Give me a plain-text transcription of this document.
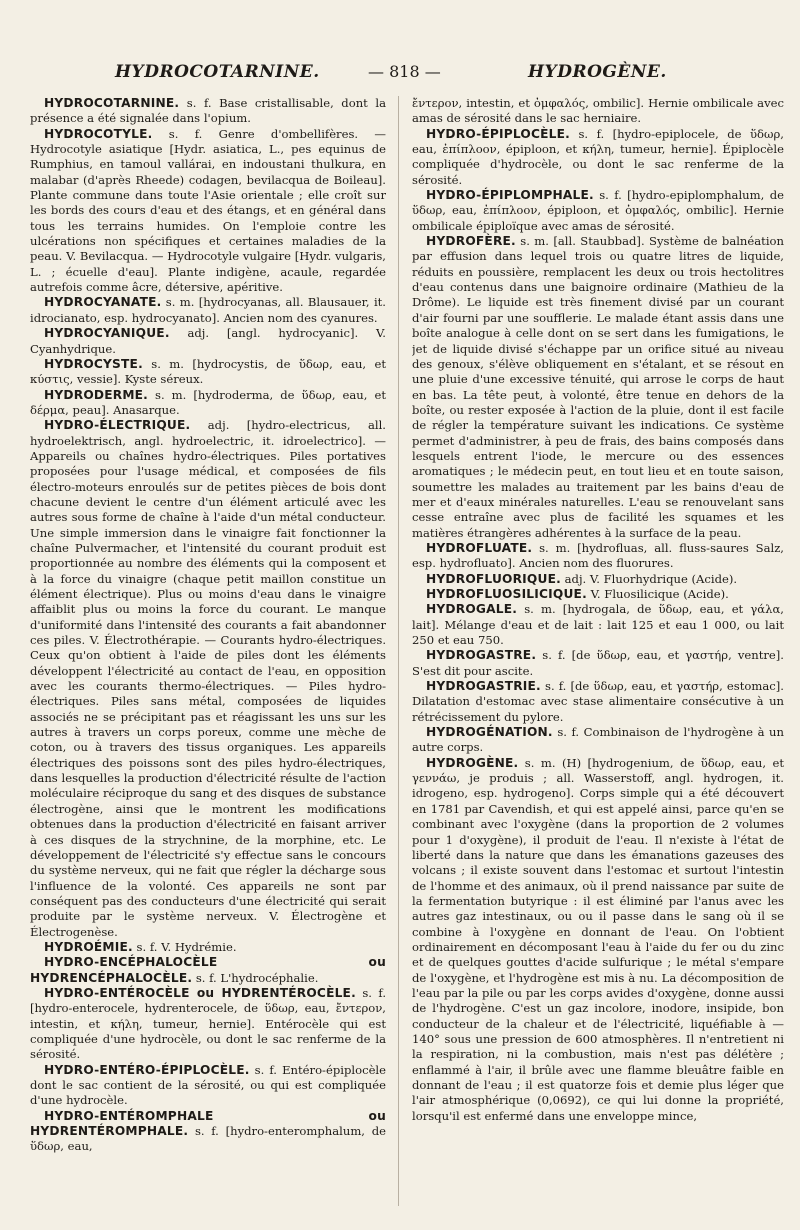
HYDROCOTARNINE.	— 818 —	HYDROGÈNE.

HYDROCOTARNINE. s. f. Base cristallisable, dont la présence a été signalée dans l'opium.

HYDROCOTYLE. s. f. Genre d'ombellifères. — Hydrocotyle asiatique [Hydr. asiatica, L., pes equinus de Rumphius, en tamoul vallárai, en indoustani thulkura, en malabar (d'après Rheede) codagen, bevilacqua de Boileau]. Plante commune dans toute l'Asie orientale ; elle croît sur les bords des cours d'eau et des étangs, et en général dans tous les terrains humides. On l'emploie contre les ulcérations non spécifiques et certaines maladies de la peau. V. Bevilacqua. — Hydrocotyle vulgaire [Hydr. vulgaris, L. ; écuelle d'eau]. Plante indigène, acaule, regardée autrefois comme âcre, détersive, apéritive.

HYDROCYANATE. s. m. [hydrocyanas, all. Blausauer, it. idrocianato, esp. hydrocyanato]. Ancien nom des cyanures.

HYDROCYANIQUE. adj. [angl. hydrocyanic]. V. Cyanhydrique.

HYDROCYSTE. s. m. [hydrocystis, de ὕδωρ, eau, et κύστις, vessie]. Kyste séreux.

HYDRODERME. s. m. [hydroderma, de ὕδωρ, eau, et δέρμα, peau]. Anasarque.

HYDRO-ÉLECTRIQUE. adj. [hydro-electricus, all. hydroelektrisch, angl. hydroelectric, it. idroelectrico]. — Appareils ou chaînes hydro-électriques. Piles portatives proposées pour l'usage médical, et composées de fils électro-moteurs enroulés sur de petites pièces de bois dont chacune devient le centre d'un élément articulé avec les autres sous forme de chaîne à l'aide d'un métal conducteur. Une simple immersion dans le vinaigre fait fonctionner la chaîne Pulvermacher, et l'intensité du courant produit est proportionnée au nombre des éléments qui la composent et à la force du vinaigre (chaque petit maillon constitue un élément électrique). Plus ou moins d'eau dans le vinaigre affaiblit plus ou moins la force du courant. Le manque d'uniformité dans l'intensité des courants a fait abandonner ces piles. V. Électrothérapie. — Courants hydro-électriques. Ceux qu'on obtient à l'aide de piles dont les éléments développent l'électricité au contact de l'eau, en opposition avec les courants thermo-électriques. — Piles hydro-électriques. Piles sans métal, composées de liquides associés ne se précipitant pas et réagissant les uns sur les autres à travers un corps poreux, comme une mèche de coton, ou à travers des tissus organiques. Les appareils électriques des poissons sont des piles hydro-électriques, dans lesquelles la production d'électricité résulte de l'action moléculaire réciproque du sang et des disques de substance électrogène, ainsi que le montrent les modifications obtenues dans la production d'électricité en faisant arriver à ces disques de la strychnine, de la morphine, etc. Le développement de l'électricité s'y effectue sans le concours du système nerveux, qui ne fait que régler la décharge sous l'influence de la volonté. Ces appareils ne sont par conséquent pas des conducteurs d'une électricité qui serait produite par le système nerveux. V. Électrogène et Électrogenèse.

HYDROÉMIE. s. f. V. Hydrémie.

HYDRO-ENCÉPHALOCÈLE ou HYDRENCÉPHALOCÈLE. s. f. L'hydrocéphalie.

HYDRO-ENTÉROCÈLE ou HYDRENTÉROCÈLE. s. f. [hydro-enterocele, hydrenterocele, de ὕδωρ, eau, ἔντερον, intestin, et κήλη, tumeur, hernie]. Entérocèle qui est compliquée d'une hydrocèle, ou dont le sac renferme de la sérosité.

HYDRO-ENTÉRO-ÉPIPLOCÈLE. s. f. Entéro-épiplocèle dont le sac contient de la sérosité, ou qui est compliquée d'une hydrocèle.

HYDRO-ENTÉROMPHALE ou HYDRENTÉROMPHALE. s. f. [hydro-enteromphalum, de ὕδωρ, eau,

ἔντερον, intestin, et ὀμφαλός, ombilic]. Hernie ombilicale avec amas de sérosité dans le sac herniaire.

HYDRO-ÉPIPLOCÈLE. s. f. [hydro-epiplocele, de ὕδωρ, eau, ἐπίπλοον, épiploon, et κήλη, tumeur, hernie]. Épiplocèle compliquée d'hydrocèle, ou dont le sac renferme de la sérosité.

HYDRO-ÉPIPLOMPHALE. s. f. [hydro-epiplomphalum, de ὕδωρ, eau, ἐπίπλοον, épiploon, et ὀμφαλός, ombilic]. Hernie ombilicale épiploïque avec amas de sérosité.

HYDROFÈRE. s. m. [all. Staubbad]. Système de balnéation par effusion dans lequel trois ou quatre litres de liquide, réduits en poussière, remplacent les deux ou trois hectolitres d'eau contenus dans une baignoire ordinaire (Mathieu de la Drôme). Le liquide est très finement divisé par un courant d'air fourni par une soufflerie. Le malade étant assis dans une boîte analogue à celle dont on se sert dans les fumigations, le jet de liquide divisé s'échappe par un orifice situé au niveau des genoux, s'élève obliquement en s'étalant, et se résout en une pluie d'une excessive ténuité, qui arrose le corps de haut en bas. La tête peut, à volonté, être tenue en dehors de la boîte, ou rester exposée à l'action de la pluie, dont il est facile de régler la température suivant les indications. Ce système permet d'administrer, à peu de frais, des bains composés dans lesquels entrent l'iode, le mercure ou des essences aromatiques ; le médecin peut, en tout lieu et en toute saison, soumettre les malades au traitement par les bains d'eau de mer et d'eaux minérales naturelles. L'eau se renouvelant sans cesse entraîne avec plus de facilité les squames et les matières étrangères adhérentes à la surface de la peau.

HYDROFLUATE. s. m. [hydrofluas, all. fluss-saures Salz, esp. hydrofluato]. Ancien nom des fluorures.

HYDROFLUORIQUE. adj. V. Fluorhydrique (Acide).

HYDROFLUOSILICIQUE. V. Fluosilicique (Acide).

HYDROGALE. s. m. [hydrogala, de ὕδωρ, eau, et γάλα, lait]. Mélange d'eau et de lait : lait 125 et eau 1 000, ou lait 250 et eau 750.

HYDROGASTRE. s. f. [de ὕδωρ, eau, et γαστήρ, ventre]. S'est dit pour ascite.

HYDROGASTRIE. s. f. [de ὕδωρ, eau, et γαστήρ, estomac]. Dilatation d'estomac avec stase alimentaire consécutive à un rétrécissement du pylore.

HYDROGÉNATION. s. f. Combinaison de l'hydrogène à un autre corps.

HYDROGÈNE. s. m. (H) [hydrogenium, de ὕδωρ, eau, et γεννάω, je produis ; all. Wasserstoff, angl. hydrogen, it. idrogeno, esp. hydrogeno]. Corps simple qui a été découvert en 1781 par Cavendish, et qui est appelé ainsi, parce qu'en se combinant avec l'oxygène (dans la proportion de 2 volumes pour 1 d'oxygène), il produit de l'eau. Il n'existe à l'état de liberté dans la nature que dans les émanations gazeuses des volcans ; il existe souvent dans l'estomac et surtout l'intestin de l'homme et des animaux, où il prend naissance par suite de la fermentation butyrique : il est éliminé par l'anus avec les autres gaz intestinaux, ou ou il passe dans le sang où il se combine à l'oxygène en donnant de l'eau. On l'obtient ordinairement en décomposant l'eau à l'aide du fer ou du zinc et de quelques gouttes d'acide sulfurique ; le métal s'empare de l'oxygène, et l'hydrogène est mis à nu. La décomposition de l'eau par la pile ou par les corps avides d'oxygène, donne aussi de l'hydrogène. C'est un gaz incolore, inodore, insipide, bon conducteur de la chaleur et de l'électricité, liquéfiable à — 140° sous une pression de 600 atmosphères. Il n'entretient ni la respiration, ni la combustion, mais n'est pas délétère ; enflammé à l'air, il brûle avec une flamme bleuâtre faible en donnant de l'eau ; il est quatorze fois et demie plus léger que l'air atmosphérique (0,0692), ce qui lui donne la propriété, lorsqu'il est enfermé dans une enveloppe mince,
